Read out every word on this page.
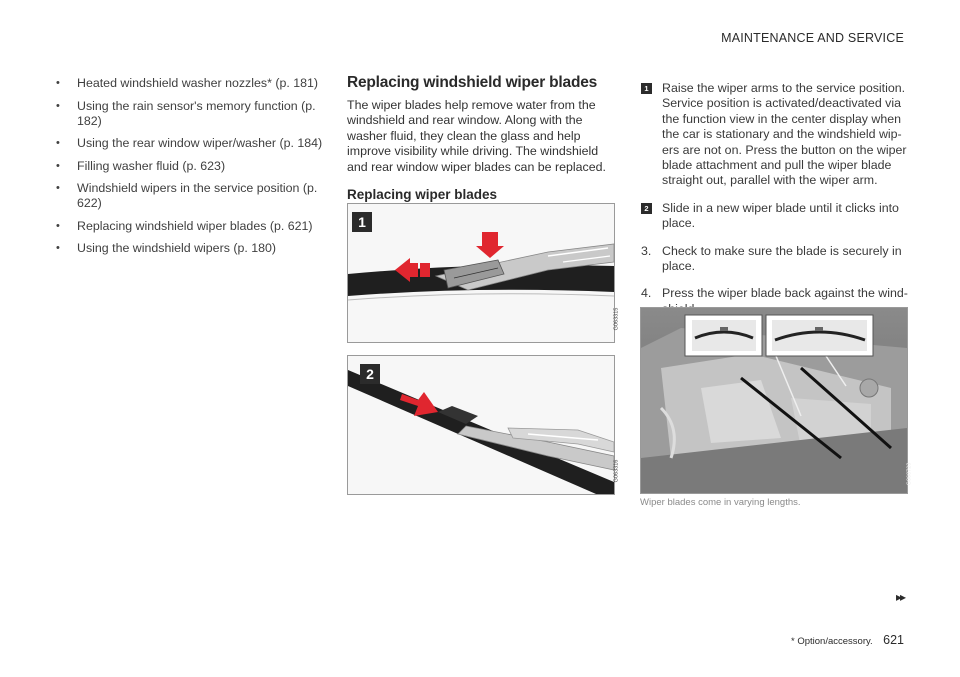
MAINTENANCE AND SERVICE
• Heated windshield washer nozzles* (p. 181)
• Using the rain sensor's memory function (p. 182)
• Using the rear window wiper/washer (p. 184)
• Filling washer fluid (p. 623)
• Windshield wipers in the service position (p. 622)
• Replacing windshield wiper blades (p. 621)
• Using the windshield wipers (p. 180)
Replacing windshield wiper blades

The wiper blades help remove water from the windshield and rear window. Along with the washer fluid, they clean the glass and help improve visibility while driving. The windshield and rear window wiper blades can be replaced.

Replacing wiper blades
1
G063315
2
G063316
1 Raise the wiper arms to the service position. Service position is activated/deactivated via the function view in the center display when the car is stationary and the windshield wip-ers are not on. Press the button on the wiper blade attachment and pull the wiper blade straight out, parallel with the wiper arm.
2 Slide in a new wiper blade until it clicks into place.
3. Check to make sure the blade is securely in place.
4. Press the wiper blade back against the wind-
G068723
Wiper blades come in varying lengths.
▸▸
* Option/accessory. 621
